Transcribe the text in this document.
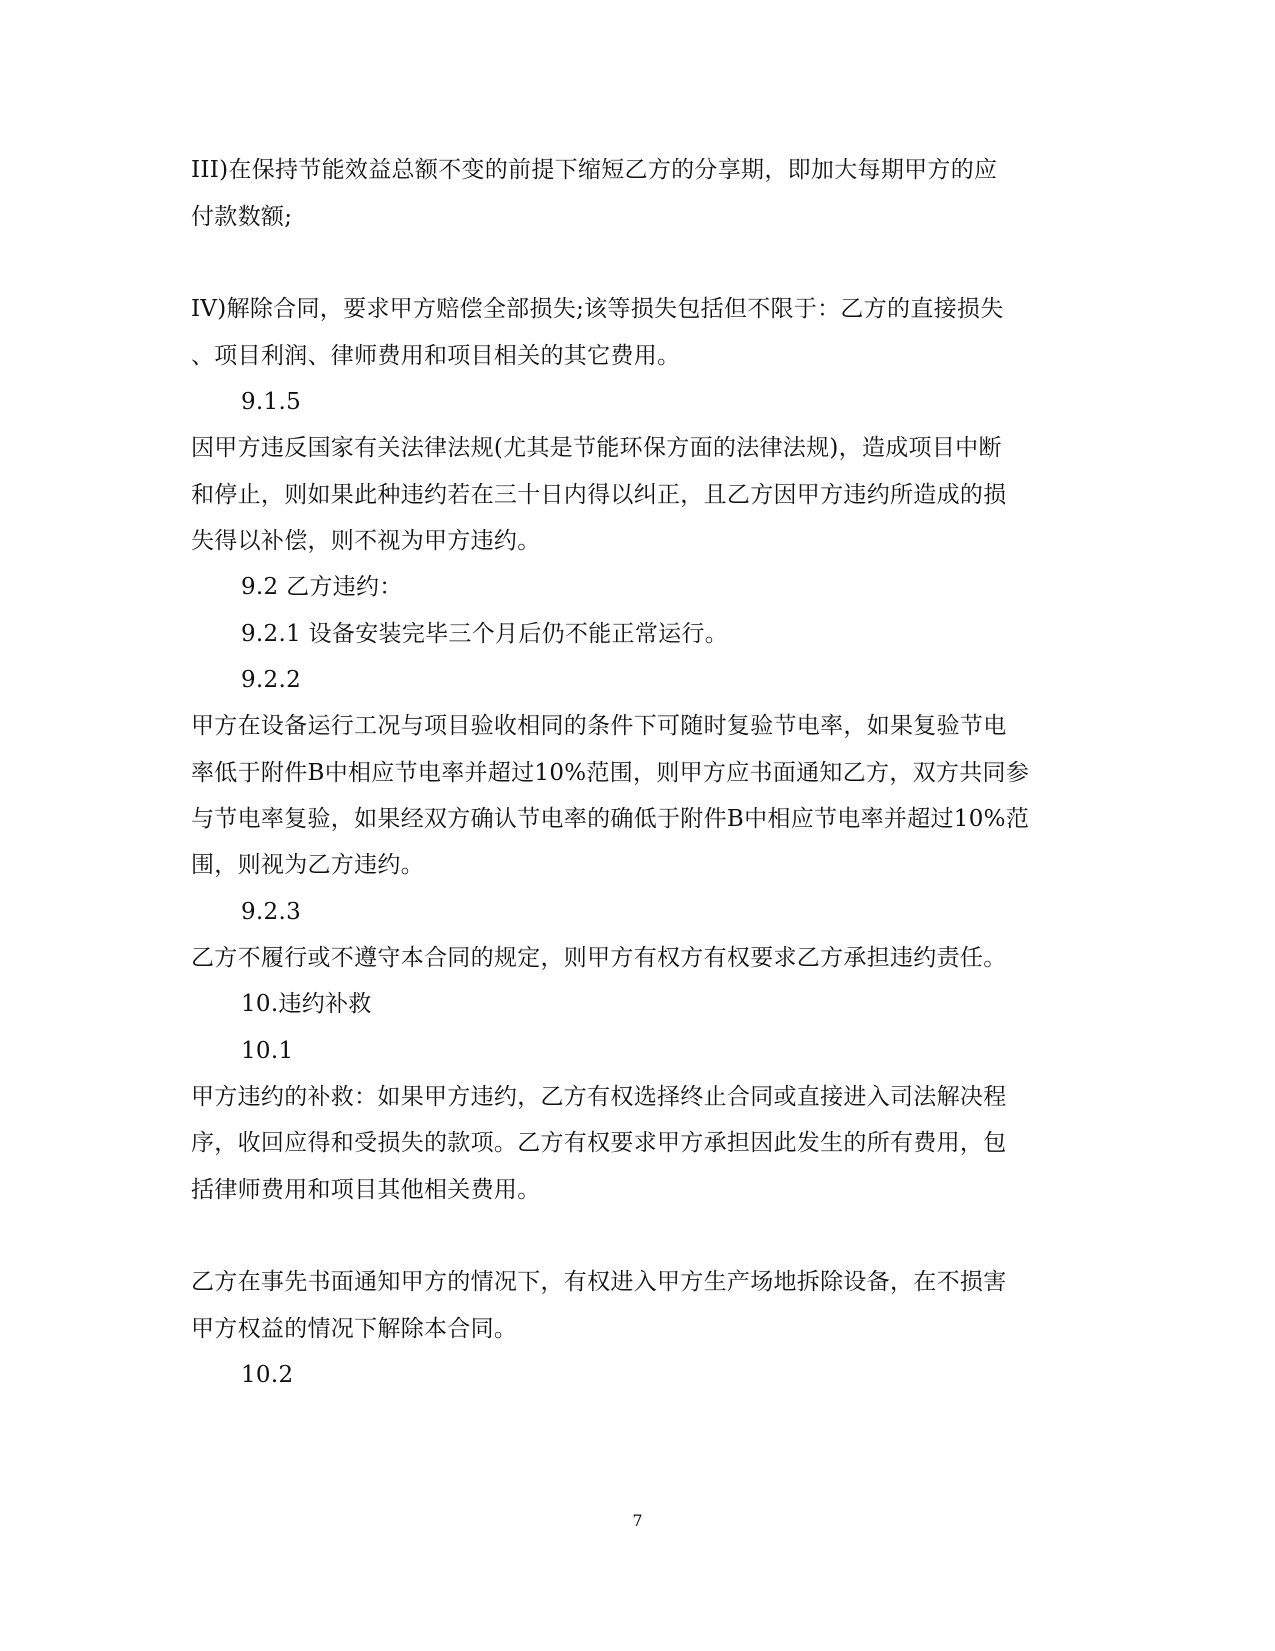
III)在保持节能效益总额不变的前提下缩短乙方的分享期，即加大每期甲方的应
付款数额;
IV)解除合同，要求甲方赔偿全部损失;该等损失包括但不限于：乙方的直接损失
、项目利润、律师费用和项目相关的其它费用。
9.1.5
因甲方违反国家有关法律法规(尤其是节能环保方面的法律法规)，造成项目中断
和停止，则如果此种违约若在三十日内得以纠正，且乙方因甲方违约所造成的损
失得以补偿，则不视为甲方违约。
9.2 乙方违约：
9.2.1 设备安装完毕三个月后仍不能正常运行。
9.2.2
甲方在设备运行工况与项目验收相同的条件下可随时复验节电率，如果复验节电
率低于附件B中相应节电率并超过10%范围，则甲方应书面通知乙方，双方共同参
与节电率复验，如果经双方确认节电率的确低于附件B中相应节电率并超过10%范
围，则视为乙方违约。
9.2.3
乙方不履行或不遵守本合同的规定，则甲方有权方有权要求乙方承担违约责任。
10.违约补救
10.1
甲方违约的补救：如果甲方违约，乙方有权选择终止合同或直接进入司法解决程
序，收回应得和受损失的款项。乙方有权要求甲方承担因此发生的所有费用，包
括律师费用和项目其他相关费用。
乙方在事先书面通知甲方的情况下，有权进入甲方生产场地拆除设备，在不损害
甲方权益的情况下解除本合同。
10.2
7
